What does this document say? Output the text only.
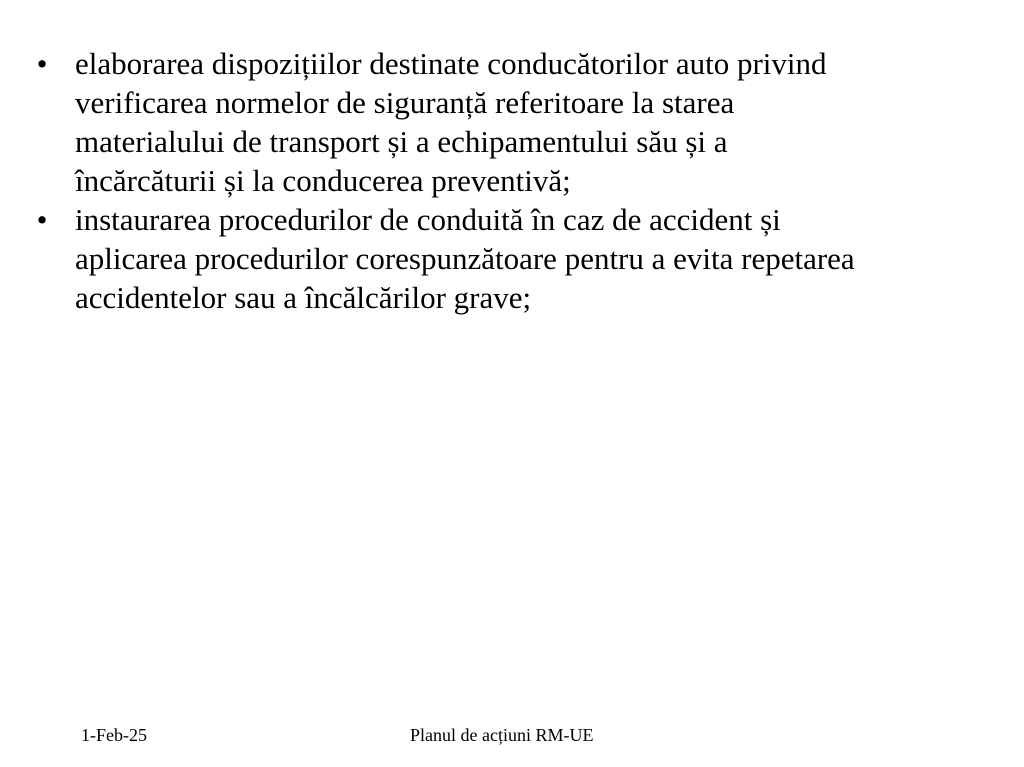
• elaborarea dispozițiilor destinate conducătorilor auto privind
verificarea normelor de siguranță referitoare la starea
materialului de transport și a echipamentului său și a
încărcăturii și la conducerea preventivă;
• instaurarea procedurilor de conduită în caz de accident și
aplicarea procedurilor corespunzătoare pentru a evita repetarea
accidentelor sau a încălcărilor grave;
1-Feb-25	Planul de acțiuni RM-UE
